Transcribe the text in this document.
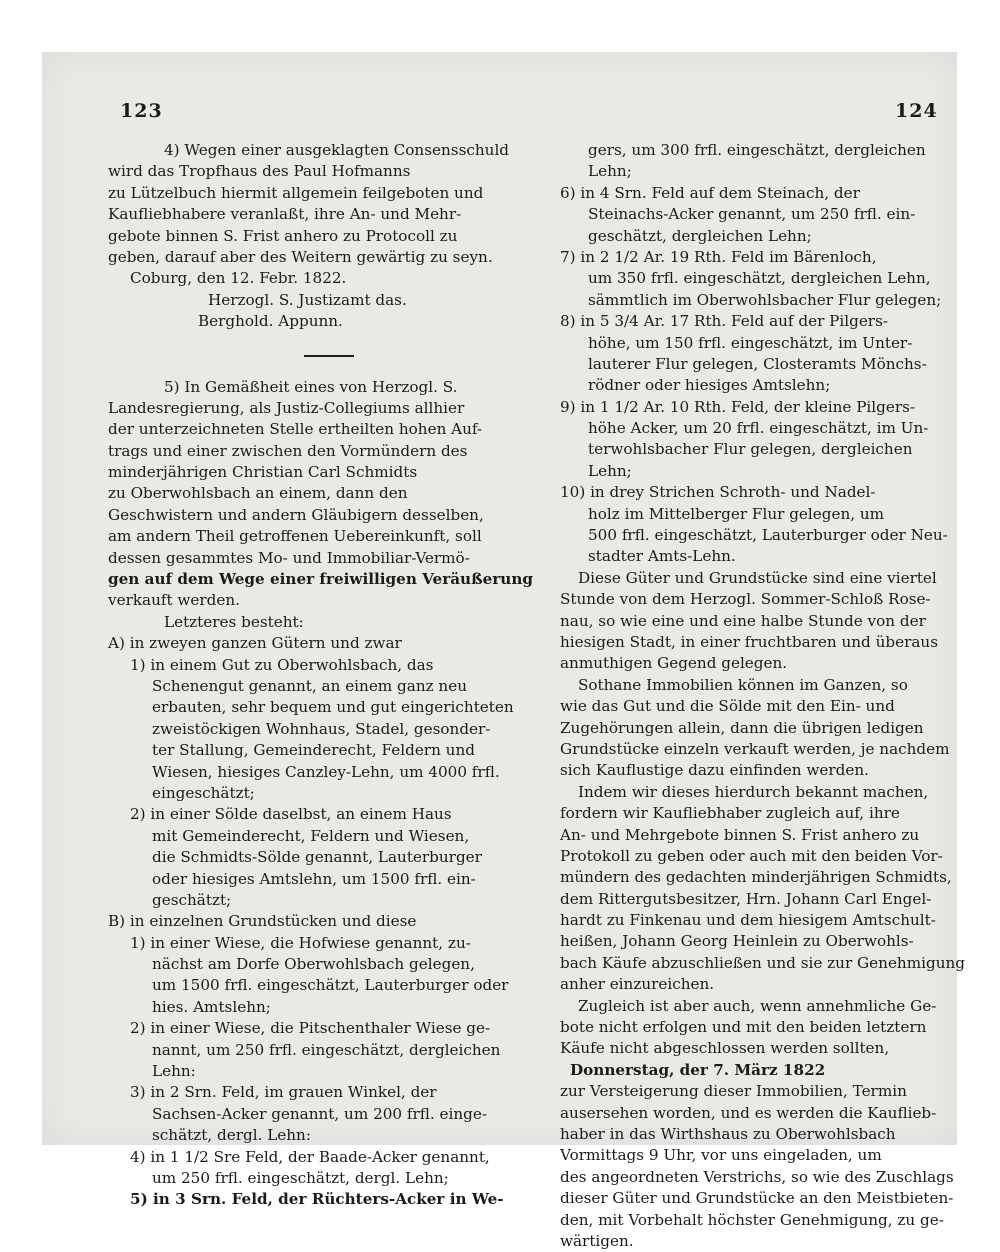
123	124
4) Wegen einer ausgeklagten Consensschuld
wird das Tropfhaus des Paul Hofmanns
zu Lützelbuch hiermit allgemein feilgeboten und
Kaufliebhabere veranlaßt, ihre An- und Mehr-
gebote binnen S. Frist anhero zu Protocoll zu
geben, darauf aber des Weitern gewärtig zu seyn.
Coburg, den 12. Febr. 1822.
Herzogl. S. Justizamt das.
Berghold. Appunn.
5) In Gemäßheit eines von Herzogl. S.
Landesregierung, als Justiz-Collegiums allhier
der unterzeichneten Stelle ertheilten hohen Auf-
trags und einer zwischen den Vormündern des
minderjährigen Christian Carl Schmidts
zu Oberwohlsbach an einem, dann den
Geschwistern und andern Gläubigern desselben,
am andern Theil getroffenen Uebereinkunft, soll
dessen gesammtes Mo- und Immobiliar-Vermö-
gen auf dem Wege einer freiwilligen Veräußerung
verkauft werden.
Letzteres besteht:
A) in zweyen ganzen Gütern und zwar
1) in einem Gut zu Oberwohlsbach, das
Schenengut genannt, an einem ganz neu
erbauten, sehr bequem und gut eingerichteten
zweistöckigen Wohnhaus, Stadel, gesonder-
ter Stallung, Gemeinderecht, Feldern und
Wiesen, hiesiges Canzley-Lehn, um 4000 frfl.
eingeschätzt;
2) in einer Sölde daselbst, an einem Haus
mit Gemeinderecht, Feldern und Wiesen,
die Schmidts-Sölde genannt, Lauterburger
oder hiesiges Amtslehn, um 1500 frfl. ein-
geschätzt;
B) in einzelnen Grundstücken und diese
1) in einer Wiese, die Hofwiese genannt, zu-
nächst am Dorfe Oberwohlsbach gelegen,
um 1500 frfl. eingeschätzt, Lauterburger oder
hies. Amtslehn;
2) in einer Wiese, die Pitschenthaler Wiese ge-
nannt, um 250 frfl. eingeschätzt, dergleichen
Lehn:
3) in 2 Srn. Feld, im grauen Winkel, der
Sachsen-Acker genannt, um 200 frfl. einge-
schätzt, dergl. Lehn:
4) in 1 1/2 Sre Feld, der Baade-Acker genannt,
um 250 frfl. eingeschätzt, dergl. Lehn;
5) in 3 Srn. Feld, der Rüchters-Acker in We-
gers, um 300 frfl. eingeschätzt, dergleichen
Lehn;
6) in 4 Srn. Feld auf dem Steinach, der
Steinachs-Acker genannt, um 250 frfl. ein-
geschätzt, dergleichen Lehn;
7) in 2 1/2 Ar. 19 Rth. Feld im Bärenloch,
um 350 frfl. eingeschätzt, dergleichen Lehn,
sämmtlich im Oberwohlsbacher Flur gelegen;
8) in 5 3/4 Ar. 17 Rth. Feld auf der Pilgers-
höhe, um 150 frfl. eingeschätzt, im Unter-
lauterer Flur gelegen, Closteramts Mönchs-
rödner oder hiesiges Amtslehn;
9) in 1 1/2 Ar. 10 Rth. Feld, der kleine Pilgers-
höhe Acker, um 20 frfl. eingeschätzt, im Un-
terwohlsbacher Flur gelegen, dergleichen
Lehn;
10) in drey Strichen Schroth- und Nadel-
holz im Mittelberger Flur gelegen, um
500 frfl. eingeschätzt, Lauterburger oder Neu-
stadter Amts-Lehn.
Diese Güter und Grundstücke sind eine viertel
Stunde von dem Herzogl. Sommer-Schloß Rose-
nau, so wie eine und eine halbe Stunde von der
hiesigen Stadt, in einer fruchtbaren und überaus
anmuthigen Gegend gelegen.
Sothane Immobilien können im Ganzen, so
wie das Gut und die Sölde mit den Ein- und
Zugehörungen allein, dann die übrigen ledigen
Grundstücke einzeln verkauft werden, je nachdem
sich Kauflustige dazu einfinden werden.
Indem wir dieses hierdurch bekannt machen,
fordern wir Kaufliebhaber zugleich auf, ihre
An- und Mehrgebote binnen S. Frist anhero zu
Protokoll zu geben oder auch mit den beiden Vor-
mündern des gedachten minderjährigen Schmidts,
dem Rittergutsbesitzer, Hrn. Johann Carl Engel-
hardt zu Finkenau und dem hiesigem Amtschult-
heißen, Johann Georg Heinlein zu Oberwohls-
bach Käufe abzuschließen und sie zur Genehmigung
anher einzureichen.
Zugleich ist aber auch, wenn annehmliche Ge-
bote nicht erfolgen und mit den beiden letztern
Käufe nicht abgeschlossen werden sollten,
Donnerstag, der 7. März 1822
zur Versteigerung dieser Immobilien, Termin
ausersehen worden, und es werden die Kauflieb-
haber in das Wirthshaus zu Oberwohlsbach
Vormittags 9 Uhr, vor uns eingeladen, um
des angeordneten Verstrichs, so wie des Zuschlags
dieser Güter und Grundstücke an den Meistbieten-
den, mit Vorbehalt höchster Genehmigung, zu ge-
wärtigen.
